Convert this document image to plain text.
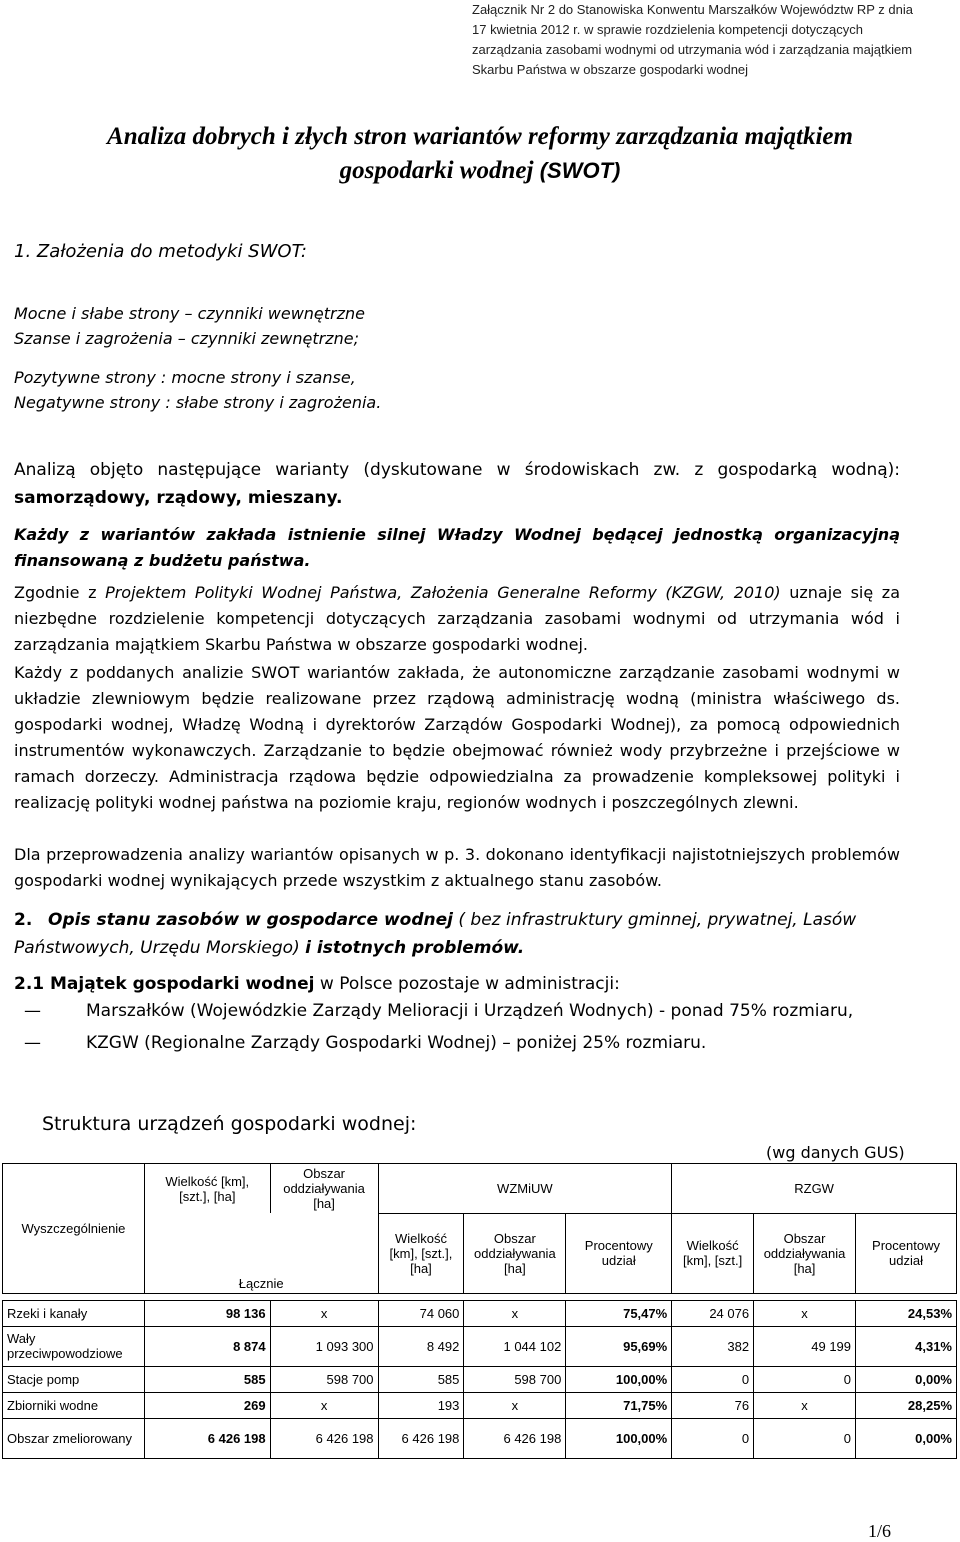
Załącznik Nr 2 do Stanowiska Konwentu Marszałków Województw RP z dnia 17 kwietnia 2012 r. w sprawie rozdzielenia kompetencji dotyczących zarządzania zasobami wodnymi od utrzymania wód i zarządzania majątkiem Skarbu Państwa w obszarze gospodarki wodnej
Analiza dobrych i złych stron wariantów reformy zarządzania majątkiem
gospodarki wodnej (SWOT)
1. Założenia do metodyki SWOT:
Mocne i słabe strony – czynniki wewnętrzne
Szanse i zagrożenia – czynniki zewnętrzne;
Pozytywne strony : mocne strony i szanse,
Negatywne strony : słabe strony i zagrożenia.
Analizą objęto następujące warianty (dyskutowane w środowiskach zw. z gospodarką wodną): samorządowy, rządowy, mieszany.
Każdy z wariantów zakłada istnienie silnej Władzy Wodnej będącej jednostką organizacyjną finansowaną z budżetu państwa.
Zgodnie z Projektem Polityki Wodnej Państwa, Założenia Generalne Reformy (KZGW, 2010) uznaje się za niezbędne rozdzielenie kompetencji dotyczących zarządzania zasobami wodnymi od utrzymania wód i zarządzania majątkiem Skarbu Państwa w obszarze gospodarki wodnej.
Każdy z poddanych analizie SWOT wariantów zakłada, że autonomiczne zarządzanie zasobami wodnymi w układzie zlewniowym będzie realizowane przez rządową administrację wodną (ministra właściwego ds. gospodarki wodnej, Władzę Wodną i dyrektorów Zarządów Gospodarki Wodnej), za pomocą odpowiednich instrumentów wykonawczych. Zarządzanie to będzie obejmować również wody przybrzeżne i przejściowe w ramach dorzeczy. Administracja rządowa będzie odpowiedzialna za prowadzenie kompleksowej polityki i realizację polityki wodnej państwa na poziomie kraju, regionów wodnych i poszczególnych zlewni.
Dla przeprowadzenia analizy wariantów opisanych w p. 3. dokonano identyfikacji najistotniejszych problemów gospodarki wodnej wynikających przede wszystkim z aktualnego stanu zasobów.
2. Opis stanu zasobów w gospodarce wodnej ( bez infrastruktury gminnej, prywatnej, Lasów Państwowych, Urzędu Morskiego) i istotnych problemów.
2.1 Majątek gospodarki wodnej w Polsce pozostaje w administracji:
—	Marszałków (Wojewódzkie Zarządy Melioracji i Urządzeń Wodnych) - ponad 75% rozmiaru,
—	KZGW (Regionalne Zarządy Gospodarki Wodnej) – poniżej 25% rozmiaru.
Struktura urządzeń gospodarki wodnej:
(wg danych GUS)
Wyszczególnienie	Wielkość [km], [szt.], [ha]	Obszar oddziaływania [ha]	WZMiUW			RZGW		
	Łącznie		Wielkość [km], [szt.], [ha]	Obszar oddziaływania [ha]	Procentowy udział	Wielkość [km], [szt.]	Obszar oddziaływania [ha]	Procentowy udział

Rzeki i kanały	98 136	x	74 060	x	75,47%	24 076	x	24,53%
Wały przeciwpowodziowe	8 874	1 093 300	8 492	1 044 102	95,69%	382	49 199	4,31%
Stacje pomp	585	598 700	585	598 700	100,00%	0	0	0,00%
Zbiorniki wodne	269	x	193	x	71,75%	76	x	28,25%
Obszar zmeliorowany	6 426 198	6 426 198	6 426 198	6 426 198	100,00%	0	0	0,00%
1/6
